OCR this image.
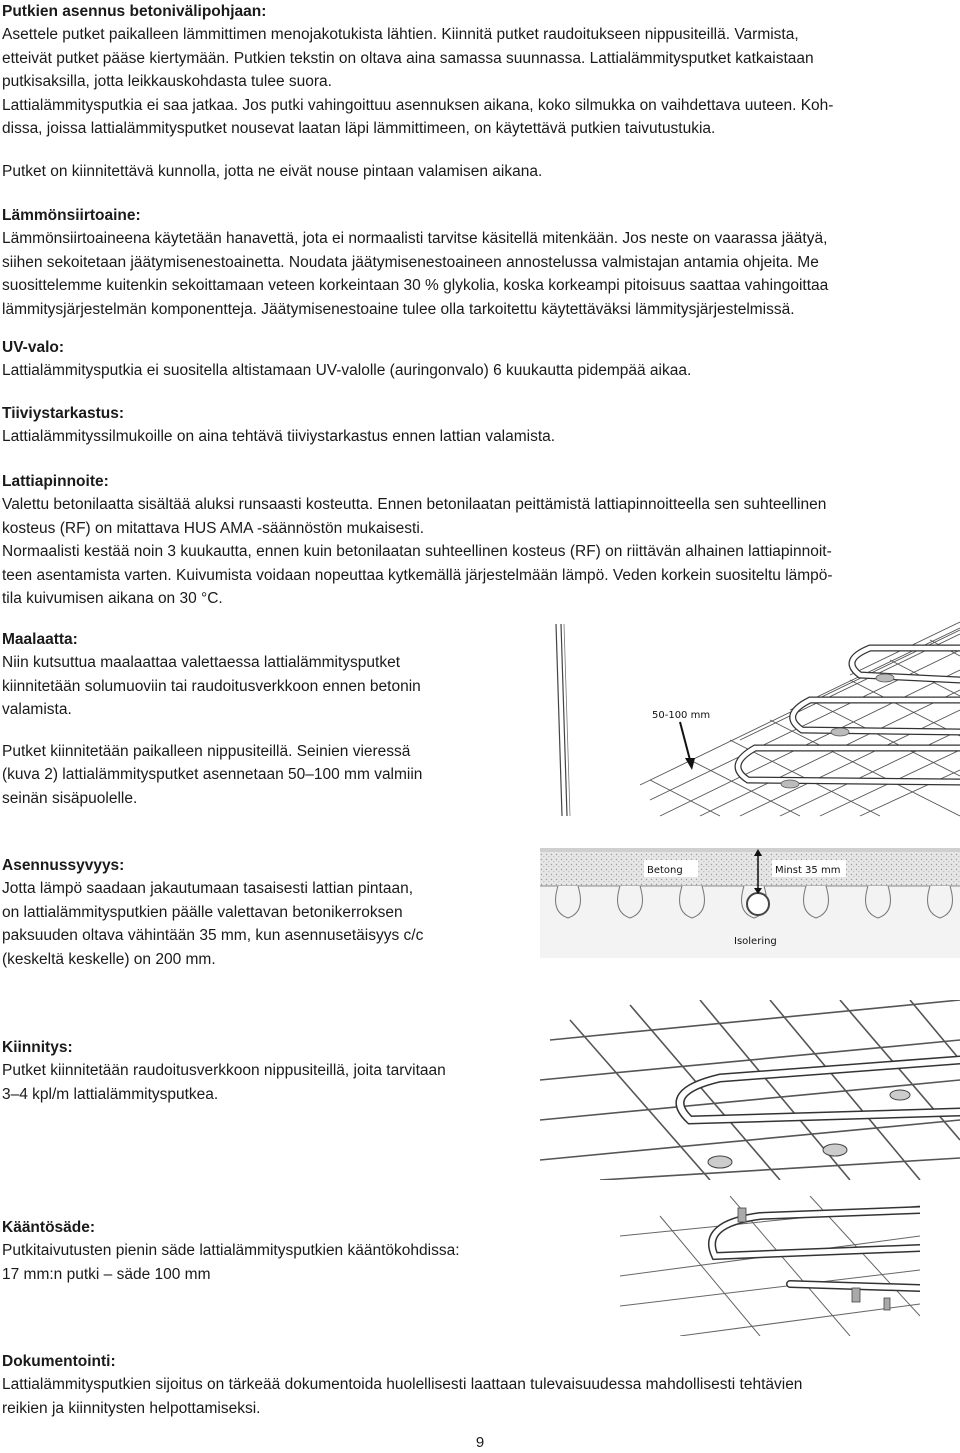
Putkien asennus betonivälipohjaan:

Asettele putket paikalleen lämmittimen menojakotukista lähtien. Kiinnitä putket raudoitukseen nippusiteillä. Varmista,

etteivät putket pääse kiertymään. Putkien tekstin on oltava aina samassa suunnassa. Lattialämmitysputket katkaistaan

putkisaksilla, jotta leikkauskohdasta tulee suora.

Lattialämmitysputkia ei saa jatkaa. Jos putki vahingoittuu asennuksen aikana, koko silmukka on vaihdettava uuteen. Koh-

dissa, joissa lattialämmitysputket nousevat laatan läpi lämmittimeen, on käytettävä putkien taivutustukia.

Putket on kiinnitettävä kunnolla, jotta ne eivät nouse pintaan valamisen aikana.

Lämmönsiirtoaine:

Lämmönsiirtoaineena käytetään hanavettä, jota ei normaalisti tarvitse käsitellä mitenkään. Jos neste on vaarassa jäätyä,

siihen sekoitetaan jäätymisenestoainetta. Noudata jäätymisenestoaineen annostelussa valmistajan antamia ohjeita. Me

suosittelemme kuitenkin sekoittamaan veteen korkeintaan 30 % glykolia, koska korkeampi pitoisuus saattaa vahingoittaa

lämmitysjärjestelmän komponentteja. Jäätymisenestoaine tulee olla tarkoitettu käytettäväksi lämmitysjärjestelmissä.

UV-valo:

Lattialämmitysputkia ei suositella altistamaan UV-valolle (auringonvalo) 6 kuukautta pidempää aikaa.

Tiiviystarkastus:

Lattialämmityssilmukoille on aina tehtävä tiiviystarkastus ennen lattian valamista.

Lattiapinnoite:

Valettu betonilaatta sisältää aluksi runsaasti kosteutta. Ennen betonilaatan peittämistä lattiapinnoitteella sen suhteellinen

kosteus (RF) on mitattava HUS AMA -säännöstön mukaisesti.

Normaalisti kestää noin 3 kuukautta, ennen kuin betonilaatan suhteellinen kosteus (RF) on riittävän alhainen lattiapinnoit-

teen asentamista varten. Kuivumista voidaan nopeuttaa kytkemällä järjestelmään lämpö. Veden korkein suositeltu lämpö-

tila kuivumisen aikana on 30 °C.

Maalaatta:

Niin kutsuttua maalaattaa valettaessa lattialämmitysputket

kiinnitetään solumuoviin tai raudoitusverkkoon ennen betonin

valamista.

Putket kiinnitetään paikalleen nippusiteillä. Seinien vieressä

(kuva 2) lattialämmitysputket asennetaan 50–100 mm valmiin

seinän sisäpuolelle.

50-100 mm

Asennussyvyys:

Jotta lämpö saadaan jakautumaan tasaisesti lattian pintaan,

on lattialämmitysputkien päälle valettavan betonikerroksen

paksuuden oltava vähintään 35 mm, kun asennusetäisyys c/c

(keskeltä keskelle) on 200 mm.

Betong	Minst 35 mm
Isolering

Kiinnitys:

Putket kiinnitetään raudoitusverkkoon nippusiteillä, joita tarvitaan

3–4 kpl/m lattialämmitysputkea.

Kääntösäde:

Putkitaivutusten pienin säde lattialämmitysputkien kääntökohdissa:

17 mm:n putki – säde 100 mm

Dokumentointi:

Lattialämmitysputkien sijoitus on tärkeää dokumentoida huolellisesti laattaan tulevaisuudessa mahdollisesti tehtävien

reikien ja kiinnitysten helpottamiseksi.

9
